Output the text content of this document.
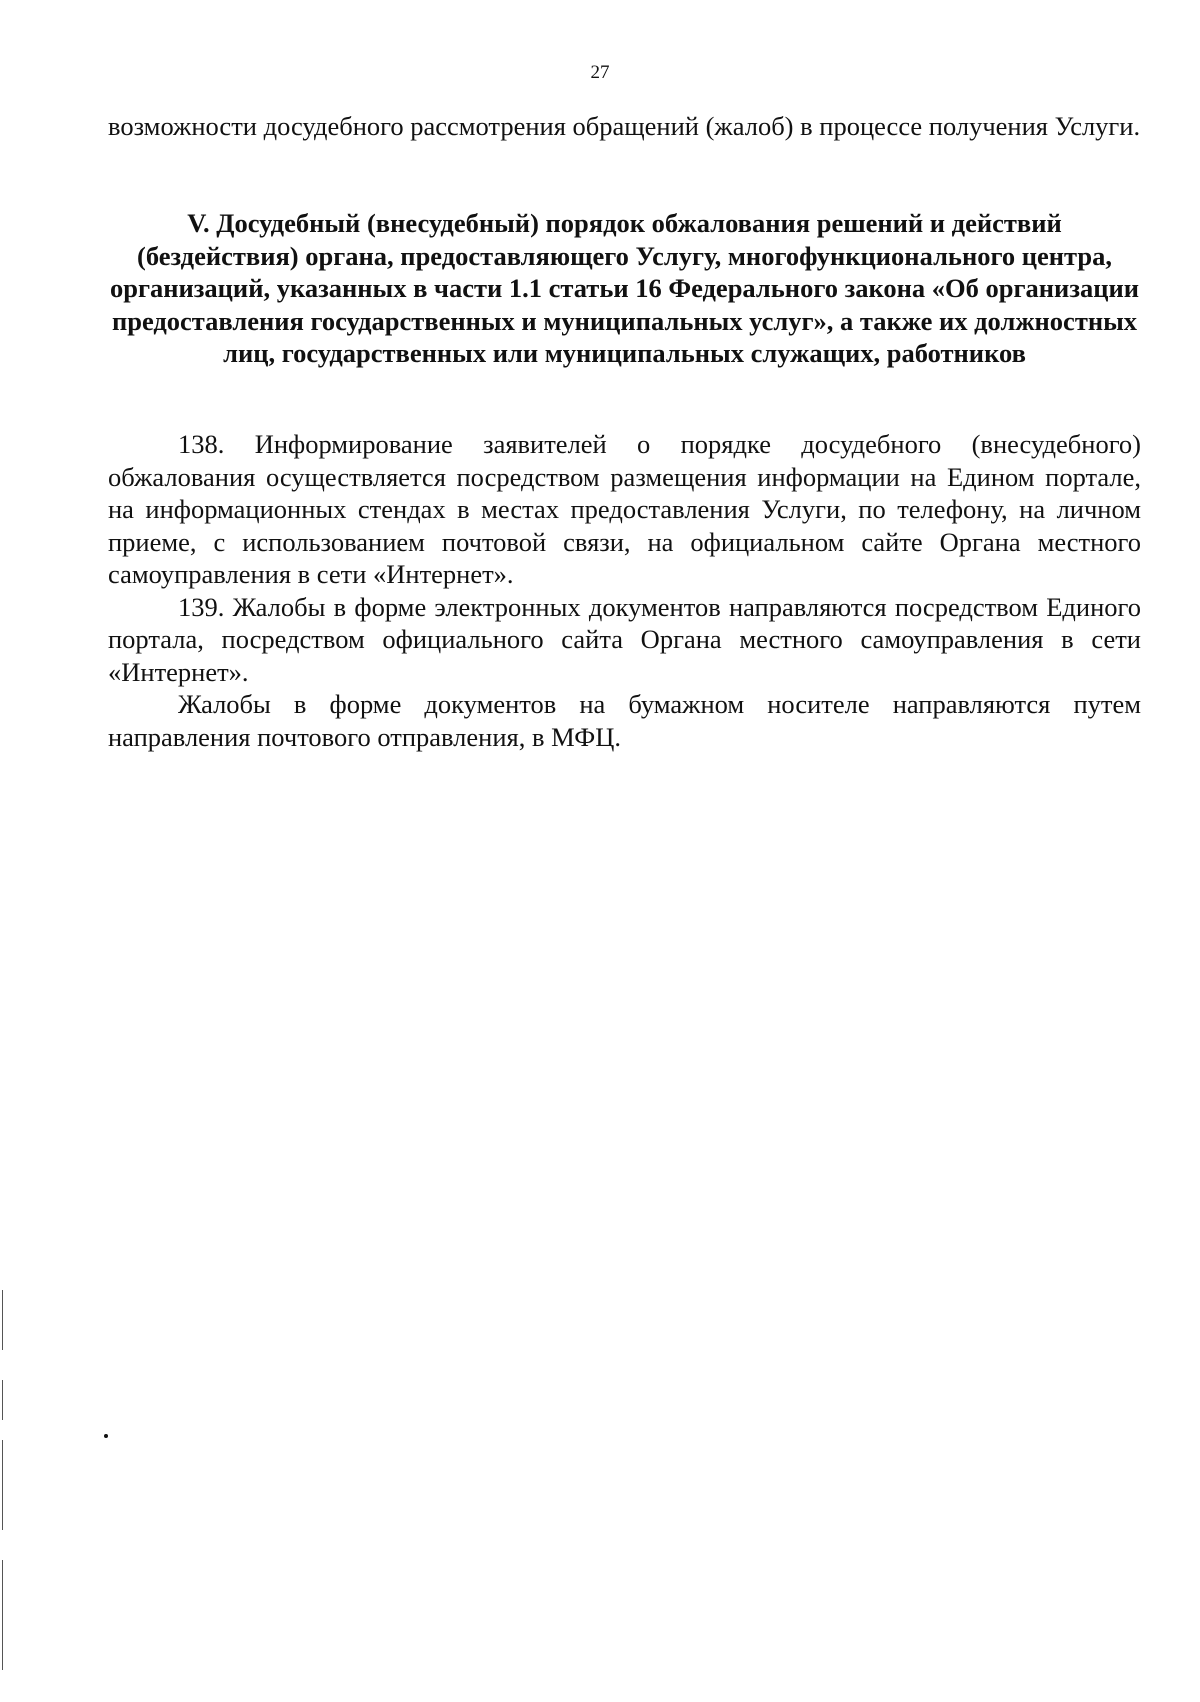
27

возможности досудебного рассмотрения обращений (жалоб) в процессе получения Услуги.

V. Досудебный (внесудебный) порядок обжалования решений и действий (бездействия) органа, предоставляющего Услугу, многофункционального центра, организаций, указанных в части 1.1 статьи 16 Федерального закона «Об организации предоставления государственных и муниципальных услуг», а также их должностных лиц, государственных или муниципальных служащих, работников

138. Информирование заявителей о порядке досудебного (внесудебного) обжалования осуществляется посредством размещения информации на Едином портале, на информационных стендах в местах предоставления Услуги, по телефону, на личном приеме, с использованием почтовой связи, на официальном сайте Органа местного самоуправления в сети «Интернет».

139. Жалобы в форме электронных документов направляются посредством Единого портала, посредством официального сайта Органа местного самоуправления в сети «Интернет».

Жалобы в форме документов на бумажном носителе направляются путем направления почтового отправления, в МФЦ.
